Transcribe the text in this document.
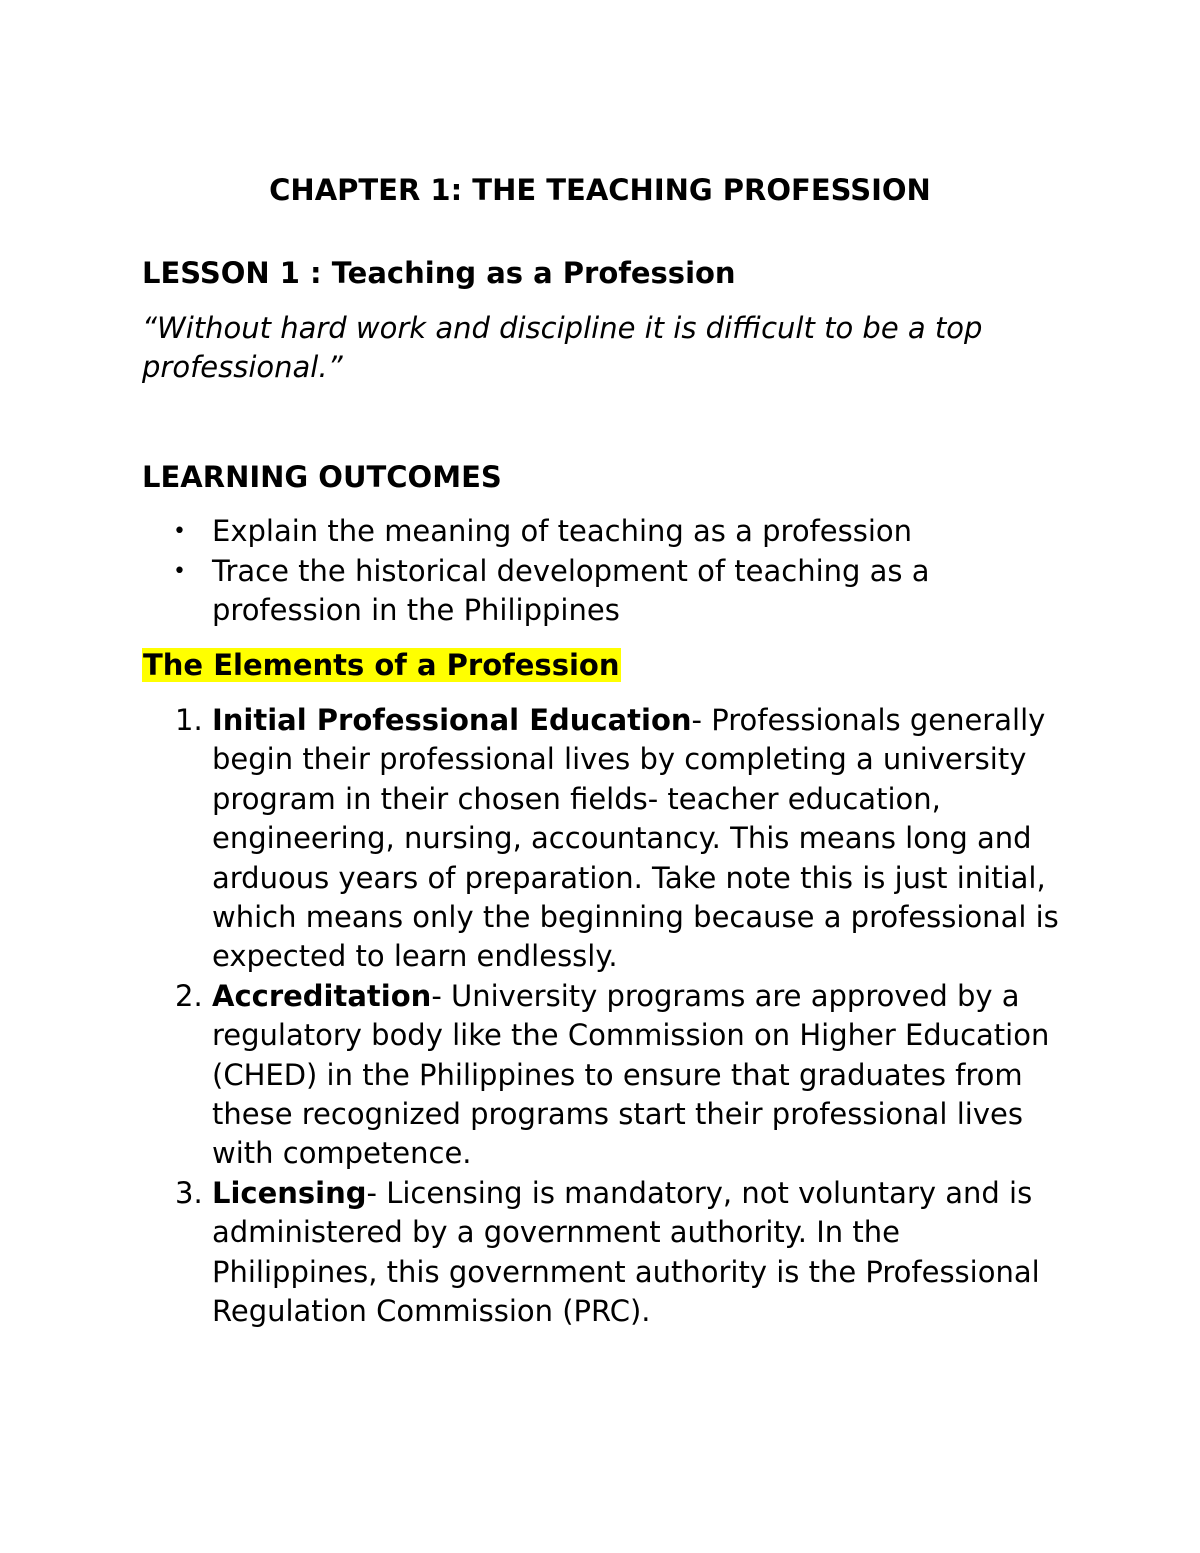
CHAPTER 1: THE TEACHING PROFESSION
LESSON 1 : Teaching as a Profession

“Without hard work and discipline it is difficult to be a top professional.”

LEARNING OUTCOMES
• Explain the meaning of teaching as a profession
• Trace the historical development of teaching as a profession in the Philippines
The Elements of a Profession
1. Initial Professional Education- Professionals generally begin their professional lives by completing a university program in their chosen fields- teacher education, engineering, nursing, accountancy. This means long and arduous years of preparation. Take note this is just initial, which means only the beginning because a professional is expected to learn endlessly.
2. Accreditation- University programs are approved by a regulatory body like the Commission on Higher Education (CHED) in the Philippines to ensure that graduates from these recognized programs start their professional lives with competence.
3. Licensing- Licensing is mandatory, not voluntary and is administered by a government authority. In the Philippines, this government authority is the Professional Regulation Commission (PRC).
